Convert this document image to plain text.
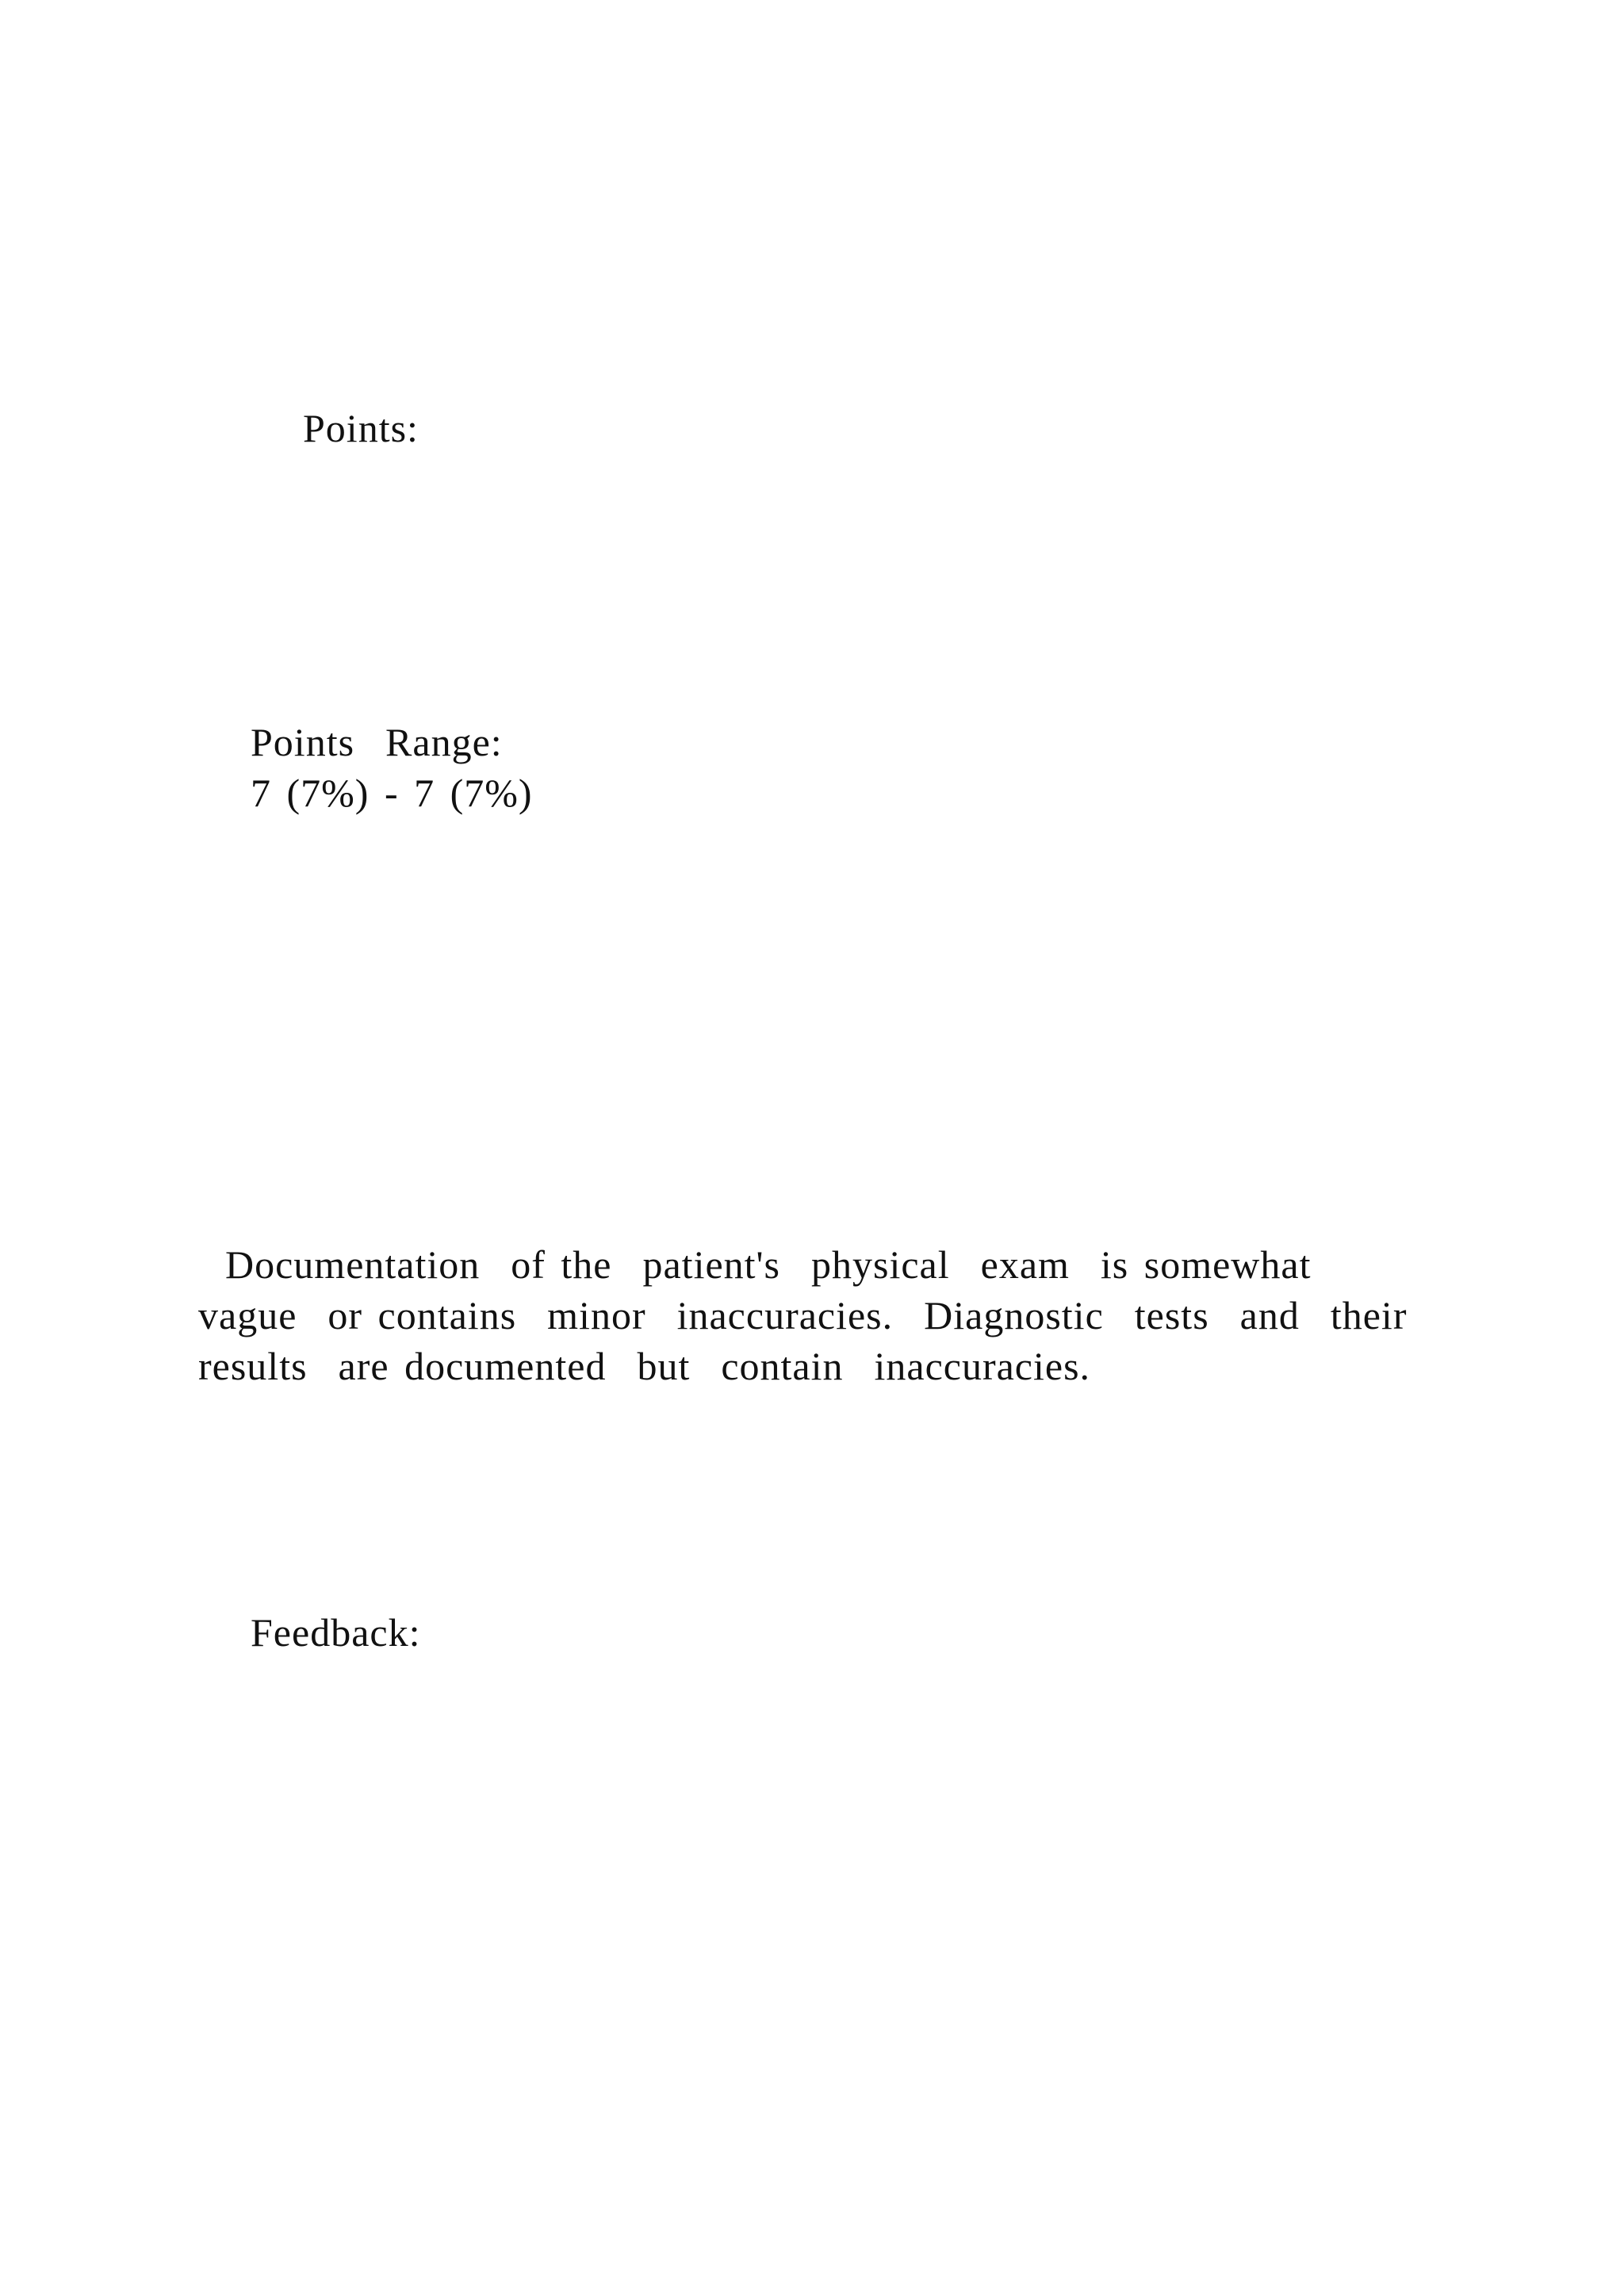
Points:
Points  Range:
7 (7%) - 7 (7%)
Documentation  of the  patient's  physical  exam  is somewhat
vague  or contains  minor  inaccuracies.  Diagnostic  tests  and  their
results  are documented  but  contain  inaccuracies.
Feedback:
